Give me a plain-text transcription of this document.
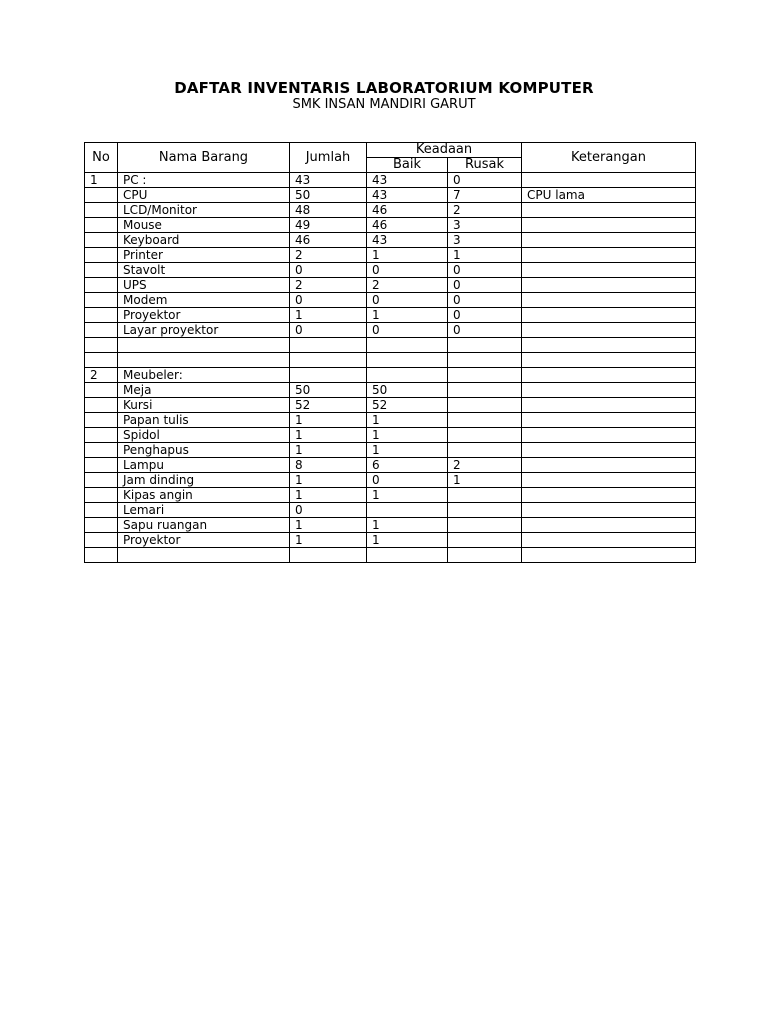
DAFTAR INVENTARIS LABORATORIUM KOMPUTER
SMK INSAN MANDIRI GARUT
No	Nama Barang	Jumlah	Keadaan		Keterangan
			Baik	Rusak	
1	PC :	43	43	0	
	CPU	50	43	7	CPU lama
	LCD/Monitor	48	46	2	
	Mouse	49	46	3	
	Keyboard	46	43	3	
	Printer	2	1	1	
	Stavolt	0	0	0	
	UPS	2	2	0	
	Modem	0	0	0	
	Proyektor	1	1	0	
	Layar proyektor	0	0	0	

2	Meubeler:				
	Meja	50	50		
	Kursi	52	52		
	Papan tulis	1	1		
	Spidol	1	1		
	Penghapus	1	1		
	Lampu	8	6	2	
	Jam dinding	1	0	1	
	Kipas angin	1	1		
	Lemari	0			
	Sapu ruangan	1	1		
	Proyektor	1	1		
